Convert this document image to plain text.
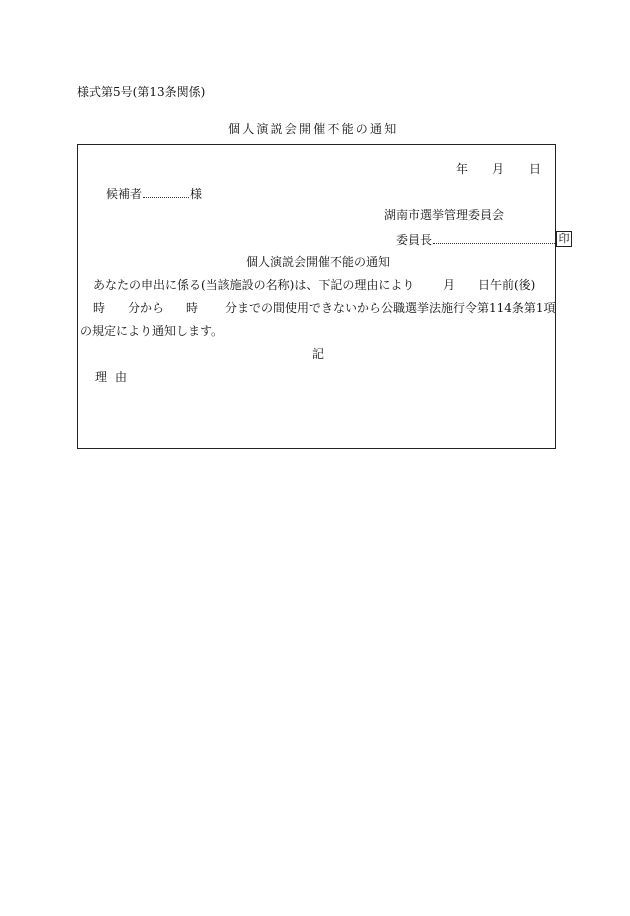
様式第5号(第13条関係)
個人演説会開催不能の通知
年 月 日
候補者	様
湖南市選挙管理委員会
委員長	印
個人演説会開催不能の通知
あなたの申出に係る(当該施設の名称)は、下記の理由により 月 日午前(後)
時 分から 時 分までの間使用できないから公職選挙法施行令第114条第1項
の規定により通知します。
記
理由
